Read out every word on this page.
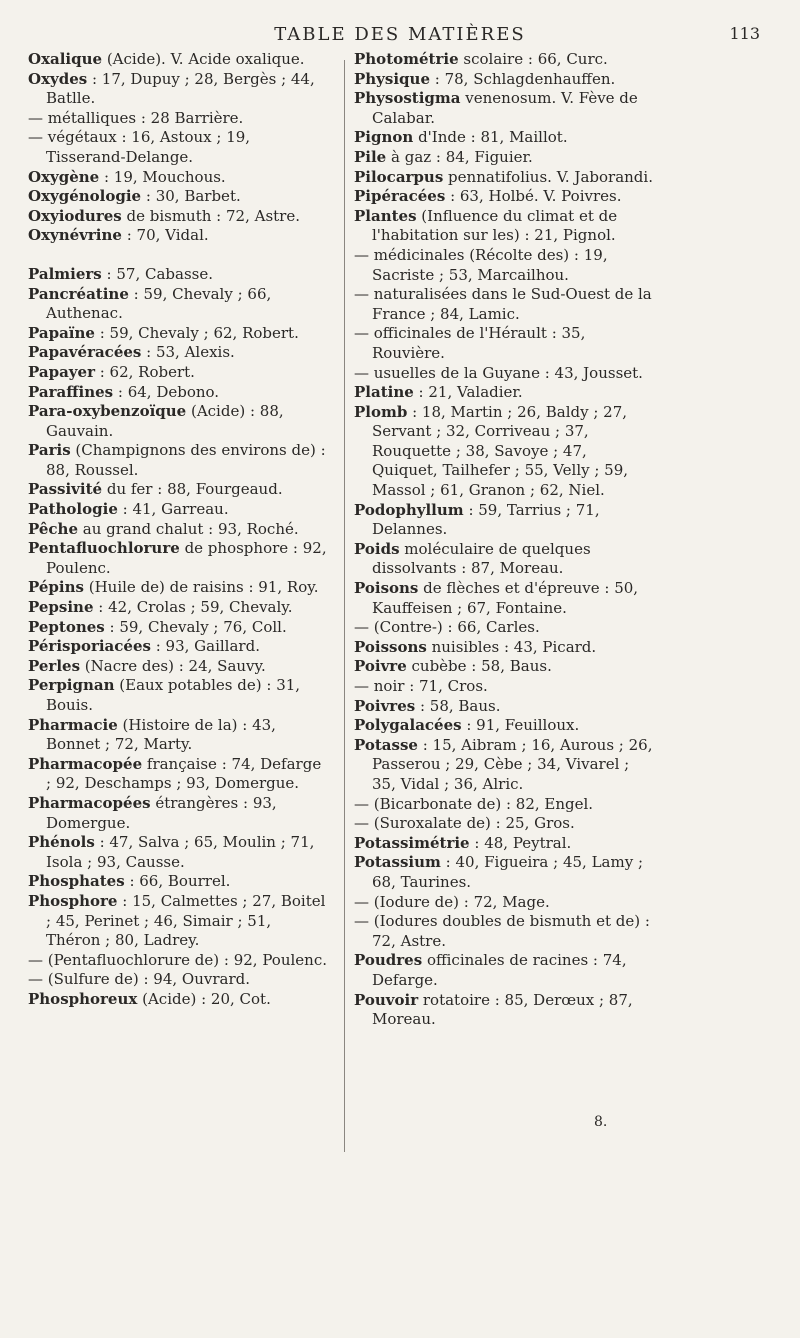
TABLE DES MATIÈRES	113
Oxalique (Acide). V. Acide oxalique.
Oxydes : 17, Dupuy ; 28, Bergès ; 44, Batlle.
— métalliques : 28 Barrière.
— végétaux : 16, Astoux ; 19, Tisserand-Delange.
Oxygène : 19, Mouchous.
Oxygénologie : 30, Barbet.
Oxyiodures de bismuth : 72, Astre.
Oxynévrine : 70, Vidal.
Palmiers : 57, Cabasse.
Pancréatine : 59, Chevaly ; 66, Authenac.
Papaïne : 59, Chevaly ; 62, Robert.
Papavéracées : 53, Alexis.
Papayer : 62, Robert.
Paraffines : 64, Debono.
Para-oxybenzoïque (Acide) : 88, Gauvain.
Paris (Champignons des environs de) : 88, Roussel.
Passivité du fer : 88, Fourgeaud.
Pathologie : 41, Garreau.
Pêche au grand chalut : 93, Roché.
Pentafluochlorure de phosphore : 92, Poulenc.
Pépins (Huile de) de raisins : 91, Roy.
Pepsine : 42, Crolas ; 59, Chevaly.
Peptones : 59, Chevaly ; 76, Coll.
Périsporiacées : 93, Gaillard.
Perles (Nacre des) : 24, Sauvy.
Perpignan (Eaux potables de) : 31, Bouis.
Pharmacie (Histoire de la) : 43, Bonnet ; 72, Marty.
Pharmacopée française : 74, Defarge ; 92, Deschamps ; 93, Domergue.
Pharmacopées étrangères : 93, Domergue.
Phénols : 47, Salva ; 65, Moulin ; 71, Isola ; 93, Causse.
Phosphates : 66, Bourrel.
Phosphore : 15, Calmettes ; 27, Boitel ; 45, Perinet ; 46, Simair ; 51, Théron ; 80, Ladrey.
— (Pentafluochlorure de) : 92, Poulenc.
— (Sulfure de) : 94, Ouvrard.
Phosphoreux (Acide) : 20, Cot.
Photométrie scolaire : 66, Curc.
Physique : 78, Schlagdenhauffen.
Physostigma venenosum. V. Fève de Calabar.
Pignon d'Inde : 81, Maillot.
Pile à gaz : 84, Figuier.
Pilocarpus pennatifolius. V. Jaborandi.
Pipéracées : 63, Holbé. V. Poivres.
Plantes (Influence du climat et de l'habitation sur les) : 21, Pignol.
— médicinales (Récolte des) : 19, Sacriste ; 53, Marcailhou.
— naturalisées dans le Sud-Ouest de la France ; 84, Lamic.
— officinales de l'Hérault : 35, Rouvière.
— usuelles de la Guyane : 43, Jousset.
Platine : 21, Valadier.
Plomb : 18, Martin ; 26, Baldy ; 27, Servant ; 32, Corriveau ; 37, Rouquette ; 38, Savoye ; 47, Quiquet, Tailhefer ; 55, Velly ; 59, Massol ; 61, Granon ; 62, Niel.
Podophyllum : 59, Tarrius ; 71, Delannes.
Poids moléculaire de quelques dissolvants : 87, Moreau.
Poisons de flèches et d'épreuve : 50, Kauffeisen ; 67, Fontaine.
— (Contre-) : 66, Carles.
Poissons nuisibles : 43, Picard.
Poivre cubèbe : 58, Baus.
— noir : 71, Cros.
Poivres : 58, Baus.
Polygalacées : 91, Feuilloux.
Potasse : 15, Aibram ; 16, Aurous ; 26, Passerou ; 29, Cèbe ; 34, Vivarel ; 35, Vidal ; 36, Alric.
— (Bicarbonate de) : 82, Engel.
— (Suroxalate de) : 25, Gros.
Potassimétrie : 48, Peytral.
Potassium : 40, Figueira ; 45, Lamy ; 68, Taurines.
— (Iodure de) : 72, Mage.
— (Iodures doubles de bismuth et de) : 72, Astre.
Poudres officinales de racines : 74, Defarge.
Pouvoir rotatoire : 85, Derœux ; 87, Moreau.
8.
